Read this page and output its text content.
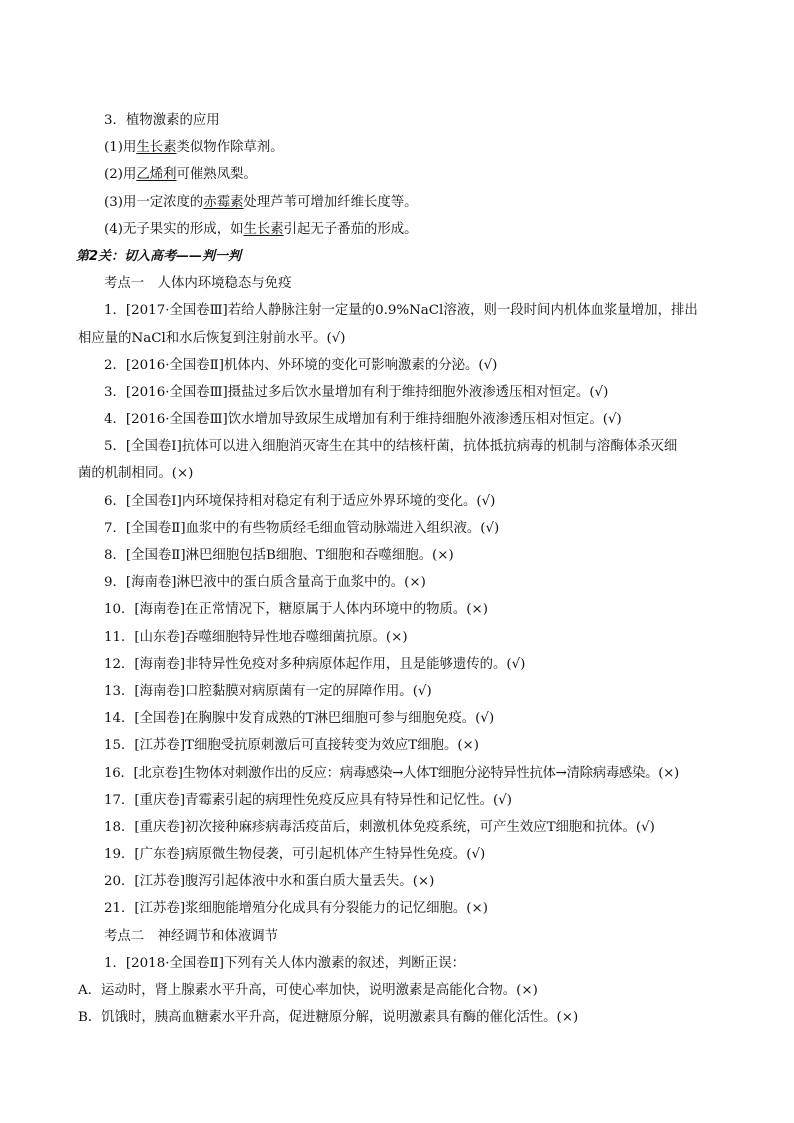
3．植物激素的应用

(1)用生长素类似物作除草剂。

(2)用乙烯利可催熟凤梨。

(3)用一定浓度的赤霉素处理芦苇可增加纤维长度等。

(4)无子果实的形成，如生长素引起无子番茄的形成。

第2关：切入高考——判一判

考点一　人体内环境稳态与免疫

1．[2017·全国卷Ⅲ]若给人静脉注射一定量的0.9%NaCl溶液，则一段时间内机体血浆量增加，排出
相应量的NaCl和水后恢复到注射前水平。(√)

2．[2016·全国卷Ⅱ]机体内、外环境的变化可影响激素的分泌。(√)

3．[2016·全国卷Ⅲ]摄盐过多后饮水量增加有利于维持细胞外液渗透压相对恒定。(√)

4．[2016·全国卷Ⅲ]饮水增加导致尿生成增加有利于维持细胞外液渗透压相对恒定。(√)

5．[全国卷Ⅰ]抗体可以进入细胞消灭寄生在其中的结核杆菌，抗体抵抗病毒的机制与溶酶体杀灭细
菌的机制相同。(×)

6．[全国卷Ⅰ]内环境保持相对稳定有利于适应外界环境的变化。(√)

7．[全国卷Ⅱ]血浆中的有些物质经毛细血管动脉端进入组织液。(√)

8．[全国卷Ⅱ]淋巴细胞包括B细胞、T细胞和吞噬细胞。(×)

9．[海南卷]淋巴液中的蛋白质含量高于血浆中的。(×)

10．[海南卷]在正常情况下，糖原属于人体内环境中的物质。(×)

11．[山东卷]吞噬细胞特异性地吞噬细菌抗原。(×)

12．[海南卷]非特异性免疫对多种病原体起作用，且是能够遗传的。(√)

13．[海南卷]口腔黏膜对病原菌有一定的屏障作用。(√)

14．[全国卷]在胸腺中发育成熟的T淋巴细胞可参与细胞免疫。(√)

15．[江苏卷]T细胞受抗原刺激后可直接转变为效应T细胞。(×)

16．[北京卷]生物体对刺激作出的反应：病毒感染→人体T细胞分泌特异性抗体→清除病毒感染。(×)

17．[重庆卷]青霉素引起的病理性免疫反应具有特异性和记忆性。(√)

18．[重庆卷]初次接种麻疹病毒活疫苗后，刺激机体免疫系统，可产生效应T细胞和抗体。(√)

19．[广东卷]病原微生物侵袭，可引起机体产生特异性免疫。(√)

20．[江苏卷]腹泻引起体液中水和蛋白质大量丢失。(×)

21．[江苏卷]浆细胞能增殖分化成具有分裂能力的记忆细胞。(×)

考点二　神经调节和体液调节

1．[2018·全国卷Ⅱ]下列有关人体内激素的叙述，判断正误：

A．运动时，肾上腺素水平升高，可使心率加快，说明激素是高能化合物。(×)

B．饥饿时，胰高血糖素水平升高，促进糖原分解，说明激素具有酶的催化活性。(×)
